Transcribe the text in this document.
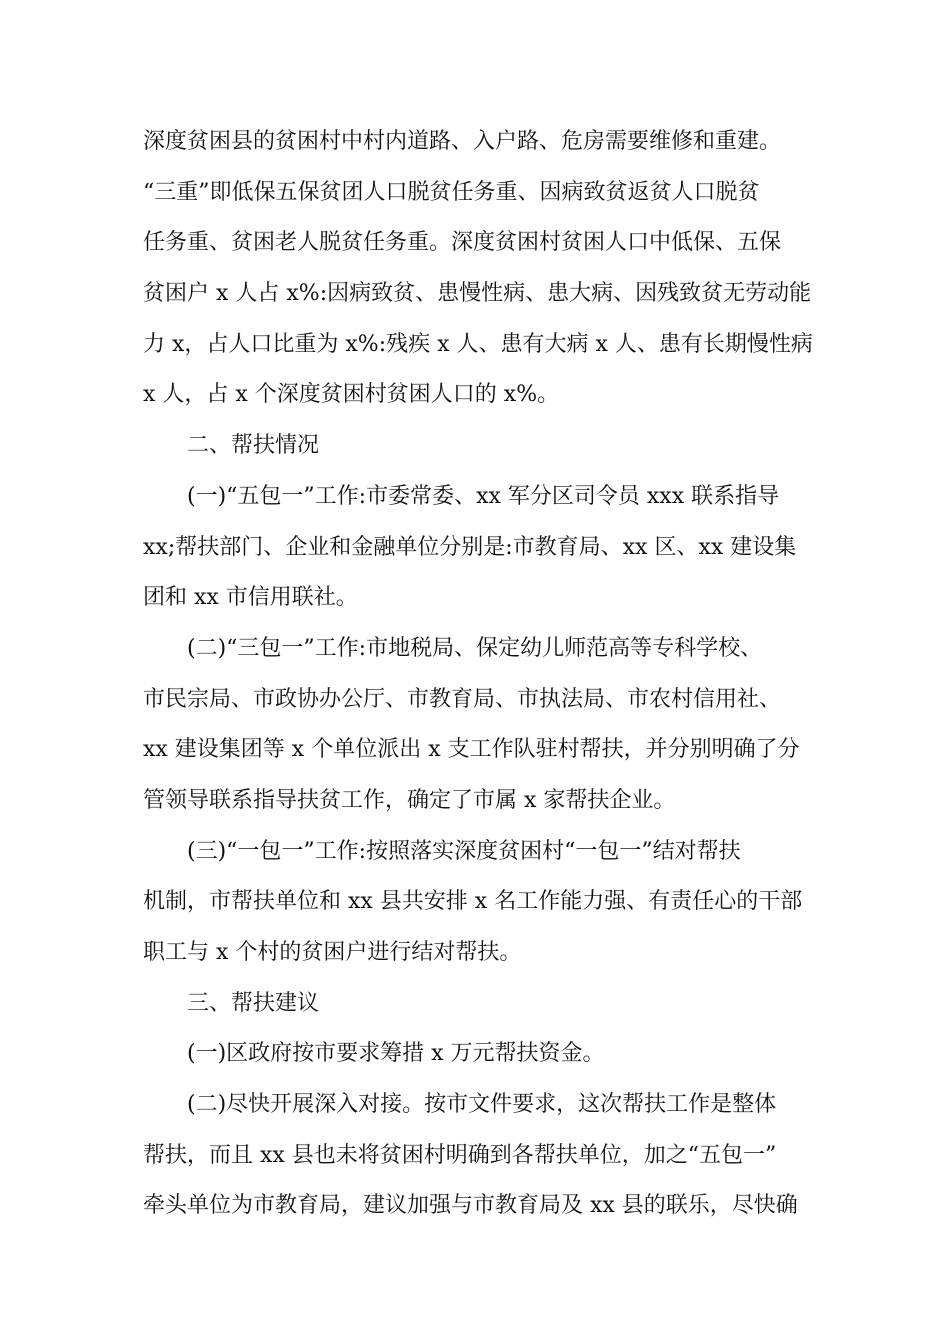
深度贫困县的贫困村中村内道路、入户路、危房需要维修和重建。
“三重”即低保五保贫团人口脱贫任务重、因病致贫返贫人口脱贫
任务重、贫困老人脱贫任务重。深度贫困村贫困人口中低保、五保
贫困户 x 人占 x%:因病致贫、患慢性病、患大病、因残致贫无劳动能
力 x，占人口比重为 x%:残疾 x 人、患有大病 x 人、患有长期慢性病
x 人，占 x 个深度贫困村贫困人口的 x%。
二、帮扶情况
(一)“五包一”工作:市委常委、xx 军分区司令员 xxx 联系指导
xx;帮扶部门、企业和金融单位分别是:市教育局、xx 区、xx 建设集
团和 xx 市信用联社。
(二)“三包一”工作:市地税局、保定幼儿师范高等专科学校、
市民宗局、市政协办公厅、市教育局、市执法局、市农村信用社、
xx 建设集团等 x 个单位派出 x 支工作队驻村帮扶，并分别明确了分
管领导联系指导扶贫工作，确定了市属 x 家帮扶企业。
(三)“一包一”工作:按照落实深度贫困村“一包一”结对帮扶
机制，市帮扶单位和 xx 县共安排 x 名工作能力强、有责任心的干部
职工与 x 个村的贫困户进行结对帮扶。
三、帮扶建议
(一)区政府按市要求筹措 x 万元帮扶资金。
(二)尽快开展深入对接。按市文件要求，这次帮扶工作是整体
帮扶，而且 xx 县也未将贫困村明确到各帮扶单位，加之“五包一”
牵头单位为市教育局，建议加强与市教育局及 xx 县的联乐，尽快确
